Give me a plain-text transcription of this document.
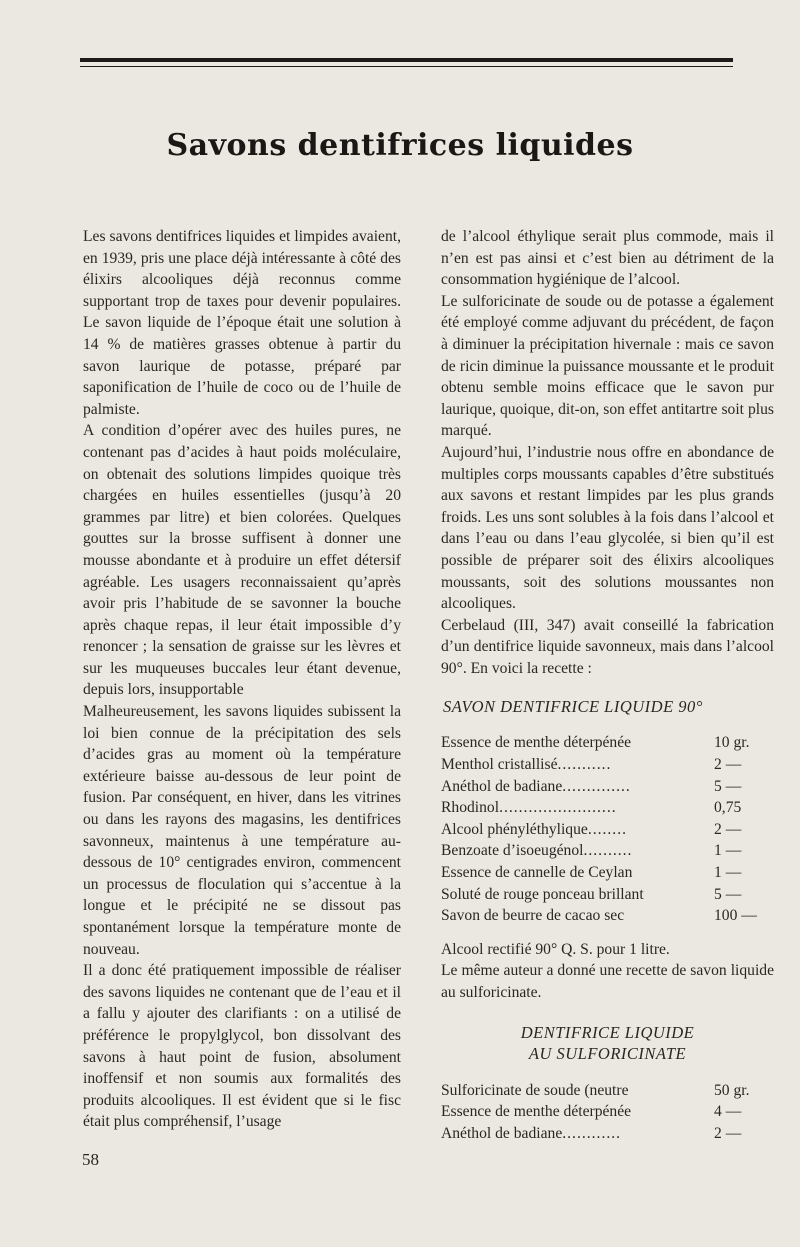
Savons dentifrices liquides

Les savons dentifrices liquides et limpides avaient, en 1939, pris une place déjà intéressante à côté des élixirs alcooliques déjà reconnus comme supportant trop de taxes pour devenir populaires. Le savon liquide de l’époque était une solution à 14 % de matières grasses obtenue à partir du savon laurique de potasse, préparé par saponification de l’huile de coco ou de l’huile de palmiste.

A condition d’opérer avec des huiles pures, ne contenant pas d’acides à haut poids moléculaire, on obtenait des solutions limpides quoique très chargées en huiles essentielles (jusqu’à 20 grammes par litre) et bien colorées. Quelques gouttes sur la brosse suffisent à donner une mousse abondante et à produire un effet détersif agréable. Les usagers reconnaissaient qu’après avoir pris l’habitude de se savonner la bouche après chaque repas, il leur était impossible d’y renoncer ; la sensation de graisse sur les lèvres et sur les muqueuses buccales leur étant devenue, depuis lors, insupportable

Malheureusement, les savons liquides subissent la loi bien connue de la précipitation des sels d’acides gras au moment où la température extérieure baisse au-dessous de leur point de fusion. Par conséquent, en hiver, dans les vitrines ou dans les rayons des magasins, les dentifrices savonneux, maintenus à une température au-dessous de 10° centigrades environ, commencent un processus de floculation qui s’accentue à la longue et le précipité ne se dissout pas spontanément lorsque la température monte de nouveau.

Il a donc été pratiquement impossible de réaliser des savons liquides ne contenant que de l’eau et il a fallu y ajouter des clarifiants : on a utilisé de préférence le propylglycol, bon dissolvant des savons à haut point de fusion, absolument inoffensif et non soumis aux formalités des produits alcooliques. Il est évident que si le fisc était plus compréhensif, l’usage

de l’alcool éthylique serait plus commode, mais il n’en est pas ainsi et c’est bien au détriment de la consommation hygiénique de l’alcool.

Le sulforicinate de soude ou de potasse a également été employé comme adjuvant du précédent, de façon à diminuer la précipitation hivernale : mais ce savon de ricin diminue la puissance moussante et le produit obtenu semble moins efficace que le savon pur laurique, quoique, dit-on, son effet antitartre soit plus marqué.

Aujourd’hui, l’industrie nous offre en abondance de multiples corps moussants capables d’être substitués aux savons et restant limpides par les plus grands froids. Les uns sont solubles à la fois dans l’alcool et dans l’eau ou dans l’eau glycolée, si bien qu’il est possible de préparer soit des élixirs alcooliques moussants, soit des solutions moussantes non alcooliques.

Cerbelaud (III, 347) avait conseillé la fabrication d’un dentifrice liquide savonneux, mais dans l’alcool 90°. En voici la recette :

SAVON DENTIFRICE LIQUIDE 90°
Essence de menthe déterpénée	10 gr.
Menthol cristallisé ...........	2 —
Anéthol de badiane ..............	5 —
Rhodinol ........................	0,75
Alcool phényléthylique ........	2 —
Benzoate d’isoeugénol ..........	1 —
Essence de cannelle de Ceylan	1 —
Soluté de rouge ponceau brillant	5 —
Savon de beurre de cacao sec	100 —

Alcool rectifié 90° Q. S. pour 1 litre.

Le même auteur a donné une recette de savon liquide au sulforicinate.

DENTIFRICE LIQUIDE
AU SULFORICINATE
Sulforicinate de soude (neutre	50 gr.
Essence de menthe déterpénée	4 —
Anéthol de badiane ............	2 —
58
